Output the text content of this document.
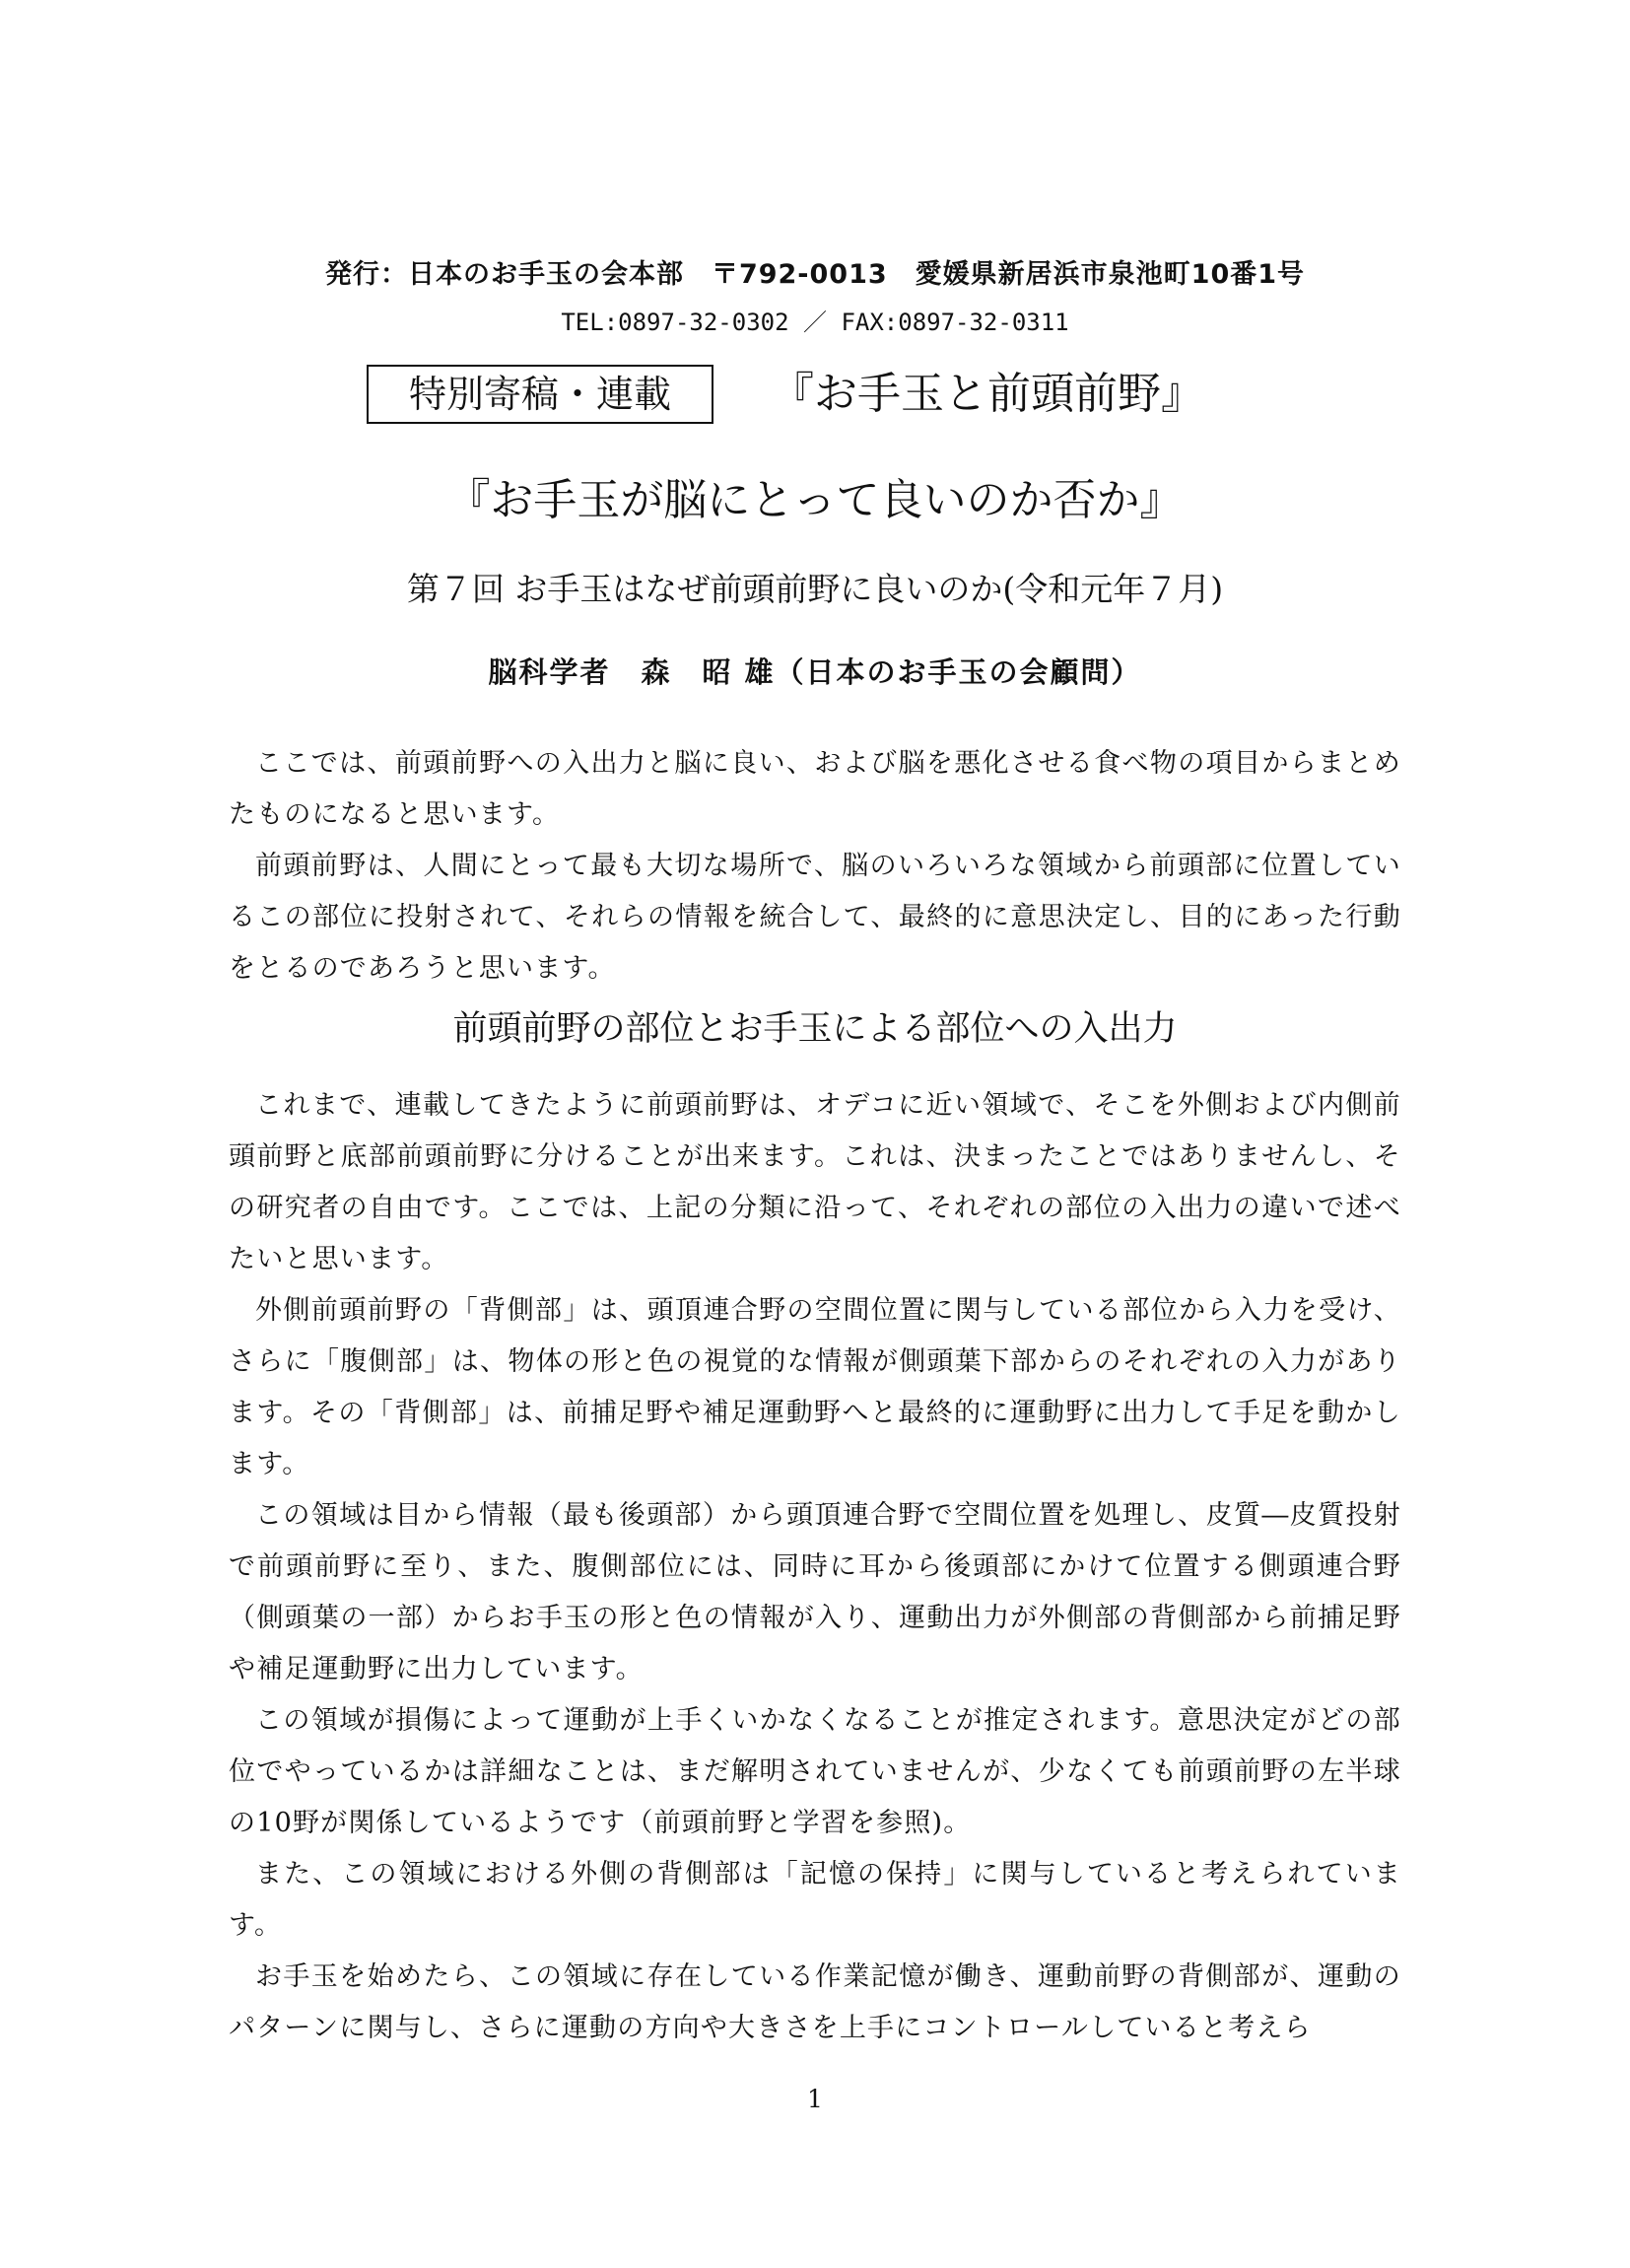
発行：日本のお手玉の会本部　〒792-0013　愛媛県新居浜市泉池町10番1号
TEL:0897-32-0302 ／ FAX:0897-32-0311
特別寄稿・連載	『お手玉と前頭前野』
『お手玉が脳にとって良いのか否か』
第７回 お手玉はなぜ前頭前野に良いのか(令和元年７月)
脳科学者　森　昭 雄（日本のお手玉の会顧問）

ここでは、前頭前野への入出力と脳に良い、および脳を悪化させる食べ物の項目からまとめたものになると思います。

前頭前野は、人間にとって最も大切な場所で、脳のいろいろな領域から前頭部に位置しているこの部位に投射されて、それらの情報を統合して、最終的に意思決定し、目的にあった行動をとるのであろうと思います。

前頭前野の部位とお手玉による部位への入出力

これまで、連載してきたように前頭前野は、オデコに近い領域で、そこを外側および内側前頭前野と底部前頭前野に分けることが出来ます。これは、決まったことではありませんし、その研究者の自由です。ここでは、上記の分類に沿って、それぞれの部位の入出力の違いで述べたいと思います。

外側前頭前野の「背側部」は、頭頂連合野の空間位置に関与している部位から入力を受け、さらに「腹側部」は、物体の形と色の視覚的な情報が側頭葉下部からのそれぞれの入力があります。その「背側部」は、前捕足野や補足運動野へと最終的に運動野に出力して手足を動かします。

この領域は目から情報（最も後頭部）から頭頂連合野で空間位置を処理し、皮質―皮質投射で前頭前野に至り、また、腹側部位には、同時に耳から後頭部にかけて位置する側頭連合野（側頭葉の一部）からお手玉の形と色の情報が入り、運動出力が外側部の背側部から前捕足野や補足運動野に出力しています。

この領域が損傷によって運動が上手くいかなくなることが推定されます。意思決定がどの部位でやっているかは詳細なことは、まだ解明されていませんが、少なくても前頭前野の左半球の10野が関係しているようです（前頭前野と学習を参照)。

また、この領域における外側の背側部は「記憶の保持」に関与していると考えられています。

お手玉を始めたら、この領域に存在している作業記憶が働き、運動前野の背側部が、運動のパターンに関与し、さらに運動の方向や大きさを上手にコントロールしていると考えら

1
